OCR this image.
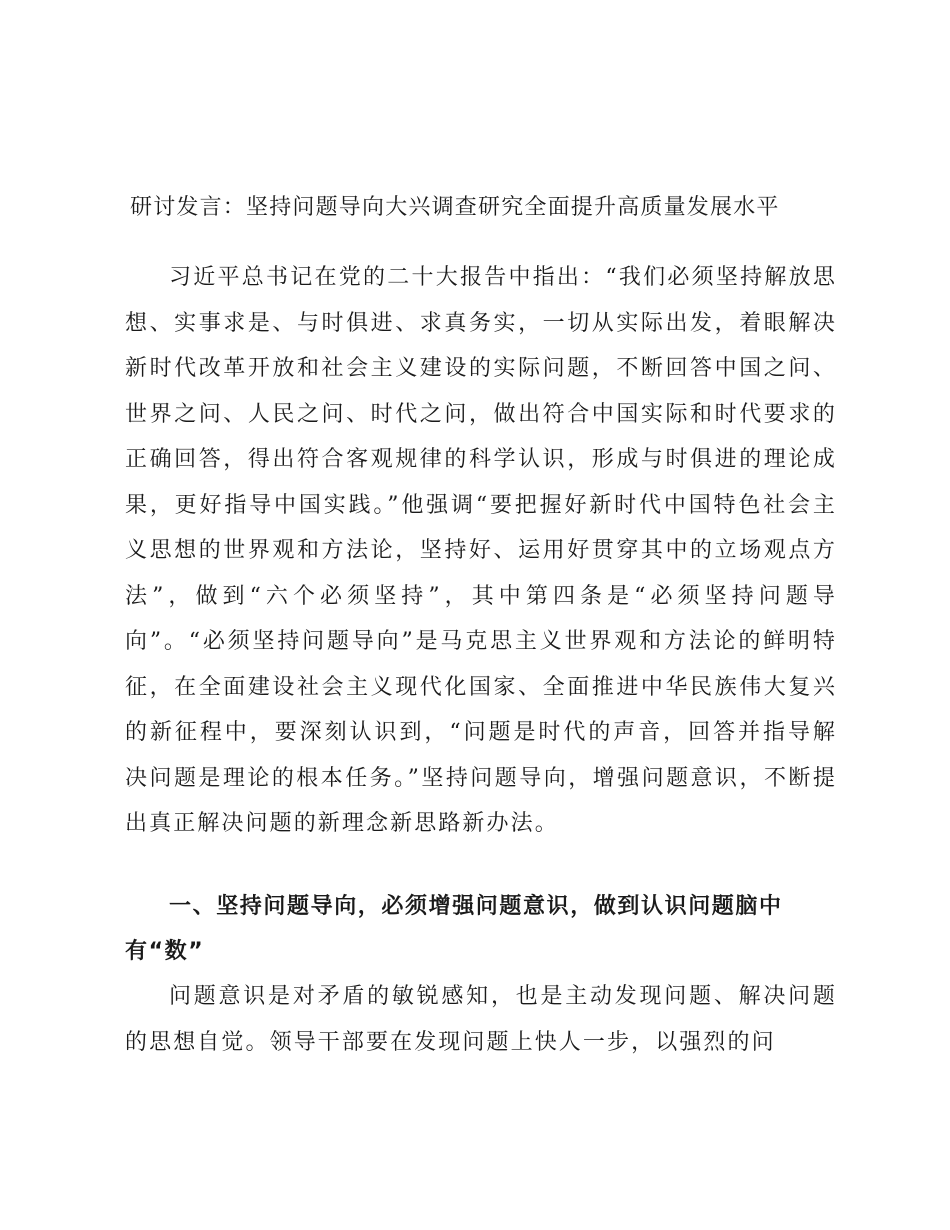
研讨发言：坚持问题导向大兴调查研究全面提升高质量发展水平

习近平总书记在党的二十大报告中指出：“我们必须坚持解放思想、实事求是、与时俱进、求真务实，一切从实际出发，着眼解决新时代改革开放和社会主义建设的实际问题，不断回答中国之问、世界之问、人民之问、时代之问，做出符合中国实际和时代要求的正确回答，得出符合客观规律的科学认识，形成与时俱进的理论成果，更好指导中国实践。”他强调“要把握好新时代中国特色社会主义思想的世界观和方法论，坚持好、运用好贯穿其中的立场观点方法”，做到“六个必须坚持”，其中第四条是“必须坚持问题导向”。“必须坚持问题导向”是马克思主义世界观和方法论的鲜明特征，在全面建设社会主义现代化国家、全面推进中华民族伟大复兴的新征程中，要深刻认识到，“问题是时代的声音，回答并指导解决问题是理论的根本任务。”坚持问题导向，增强问题意识，不断提出真正解决问题的新理念新思路新办法。

一、坚持问题导向，必须增强问题意识，做到认识问题脑中有“数”

问题意识是对矛盾的敏锐感知，也是主动发现问题、解决问题的思想自觉。领导干部要在发现问题上快人一步，以强烈的问
